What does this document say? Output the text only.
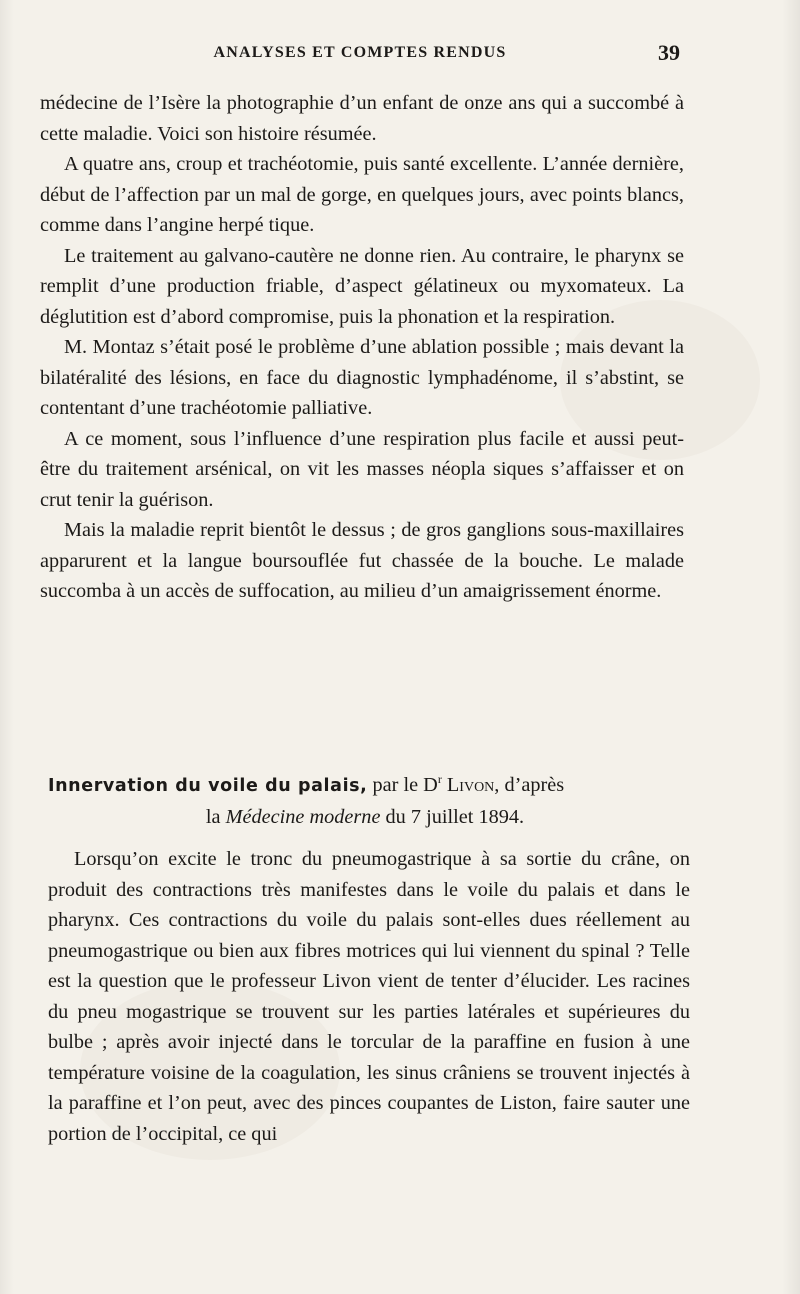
ANALYSES ET COMPTES RENDUS	39

médecine de l’Isère la photographie d’un enfant de onze ans qui a succombé à cette maladie. Voici son histoire résumée.

A quatre ans, croup et trachéotomie, puis santé excellente. L’année dernière, début de l’affection par un mal de gorge, en quelques jours, avec points blancs, comme dans l’angine herpé tique.

Le traitement au galvano-cautère ne donne rien. Au contraire, le pharynx se remplit d’une production friable, d’aspect gélatineux ou myxomateux. La déglutition est d’abord compromise, puis la phonation et la respiration.

M. Montaz s’était posé le problème d’une ablation possible ; mais devant la bilatéralité des lésions, en face du diagnostic lymphadénome, il s’abstint, se contentant d’une trachéotomie palliative.

A ce moment, sous l’influence d’une respiration plus facile et aussi peut-être du traitement arsénical, on vit les masses néopla siques s’affaisser et on crut tenir la guérison.

Mais la maladie reprit bientôt le dessus ; de gros ganglions sous-maxillaires apparurent et la langue boursouflée fut chassée de la bouche. Le malade succomba à un accès de suffocation, au milieu d’un amaigrissement énorme.

Innervation du voile du palais, par le $D^r$ Livon, d’après
la Médecine moderne du 7 juillet 1894.

Lorsqu’on excite le tronc du pneumogastrique à sa sortie du crâne, on produit des contractions très manifestes dans le voile du palais et dans le pharynx. Ces contractions du voile du palais sont-elles dues réellement au pneumogastrique ou bien aux fibres motrices qui lui viennent du spinal ? Telle est la question que le professeur Livon vient de tenter d’élucider. Les racines du pneu mogastrique se trouvent sur les parties latérales et supérieures du bulbe ; après avoir injecté dans le torcular de la paraffine en fusion à une température voisine de la coagulation, les sinus crâniens se trouvent injectés à la paraffine et l’on peut, avec des pinces coupantes de Liston, faire sauter une portion de l’occipital, ce qui
